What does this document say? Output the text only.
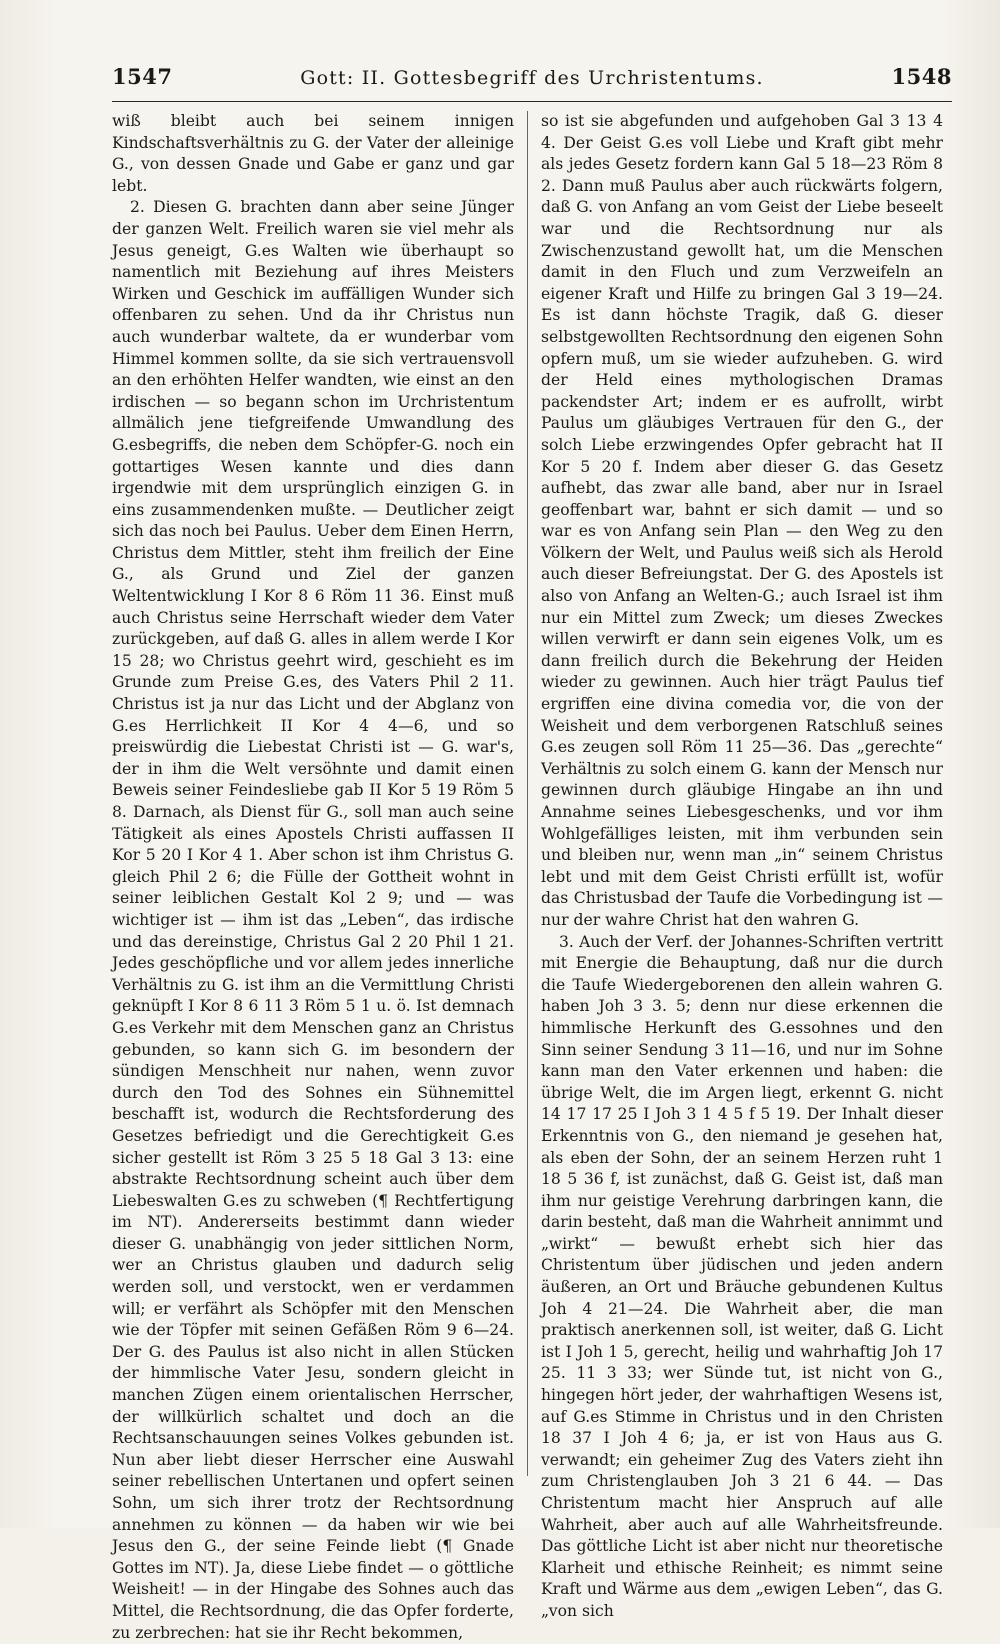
1547	Gott: II. Gottesbegriff des Urchristentums.	1548

wiß bleibt auch bei seinem innigen Kindschaftsverhältnis zu G. der Vater der alleinige G., von dessen Gnade und Gabe er ganz und gar lebt.

2. Diesen G. brachten dann aber seine Jünger der ganzen Welt. Freilich waren sie viel mehr als Jesus geneigt, G.es Walten wie überhaupt so namentlich mit Beziehung auf ihres Meisters Wirken und Geschick im auffälligen Wunder sich offenbaren zu sehen. Und da ihr Christus nun auch wunderbar waltete, da er wunderbar vom Himmel kommen sollte, da sie sich vertrauensvoll an den erhöhten Helfer wandten, wie einst an den irdischen — so begann schon im Urchristentum allmälich jene tiefgreifende Umwandlung des G.esbegriffs, die neben dem Schöpfer-G. noch ein gottartiges Wesen kannte und dies dann irgendwie mit dem ursprünglich einzigen G. in eins zusammendenken mußte. — Deutlicher zeigt sich das noch bei Paulus. Ueber dem Einen Herrn, Christus dem Mittler, steht ihm freilich der Eine G., als Grund und Ziel der ganzen Weltentwicklung I Kor 8 6 Röm 11 36. Einst muß auch Christus seine Herrschaft wieder dem Vater zurückgeben, auf daß G. alles in allem werde I Kor 15 28; wo Christus geehrt wird, geschieht es im Grunde zum Preise G.es, des Vaters Phil 2 11. Christus ist ja nur das Licht und der Abglanz von G.es Herrlichkeit II Kor 4 4—6, und so preiswürdig die Liebestat Christi ist — G. war's, der in ihm die Welt versöhnte und damit einen Beweis seiner Feindesliebe gab II Kor 5 19 Röm 5 8. Darnach, als Dienst für G., soll man auch seine Tätigkeit als eines Apostels Christi auffassen II Kor 5 20 I Kor 4 1. Aber schon ist ihm Christus G. gleich Phil 2 6; die Fülle der Gottheit wohnt in seiner leiblichen Gestalt Kol 2 9; und — was wichtiger ist — ihm ist das „Leben“, das irdische und das dereinstige, Christus Gal 2 20 Phil 1 21. Jedes geschöpfliche und vor allem jedes innerliche Verhältnis zu G. ist ihm an die Vermittlung Christi geknüpft I Kor 8 6 11 3 Röm 5 1 u. ö. Ist demnach G.es Verkehr mit dem Menschen ganz an Christus gebunden, so kann sich G. im besondern der sündigen Menschheit nur nahen, wenn zuvor durch den Tod des Sohnes ein Sühnemittel beschafft ist, wodurch die Rechtsforderung des Gesetzes befriedigt und die Gerechtigkeit G.es sicher gestellt ist Röm 3 25 5 18 Gal 3 13: eine abstrakte Rechtsordnung scheint auch über dem Liebeswalten G.es zu schweben (¶ Rechtfertigung im NT). Andererseits bestimmt dann wieder dieser G. unabhängig von jeder sittlichen Norm, wer an Christus glauben und dadurch selig werden soll, und verstockt, wen er verdammen will; er verfährt als Schöpfer mit den Menschen wie der Töpfer mit seinen Gefäßen Röm 9 6—24. Der G. des Paulus ist also nicht in allen Stücken der himmlische Vater Jesu, sondern gleicht in manchen Zügen einem orientalischen Herrscher, der willkürlich schaltet und doch an die Rechtsanschauungen seines Volkes gebunden ist. Nun aber liebt dieser Herrscher eine Auswahl seiner rebellischen Untertanen und opfert seinen Sohn, um sich ihrer trotz der Rechtsordnung annehmen zu können — da haben wir wie bei Jesus den G., der seine Feinde liebt (¶ Gnade Gottes im NT). Ja, diese Liebe findet — o göttliche Weisheit! — in der Hingabe des Sohnes auch das Mittel, die Rechtsordnung, die das Opfer forderte, zu zerbrechen: hat sie ihr Recht bekommen,

so ist sie abgefunden und aufgehoben Gal 3 13 4 4. Der Geist G.es voll Liebe und Kraft gibt mehr als jedes Gesetz fordern kann Gal 5 18—23 Röm 8 2. Dann muß Paulus aber auch rückwärts folgern, daß G. von Anfang an vom Geist der Liebe beseelt war und die Rechtsordnung nur als Zwischenzustand gewollt hat, um die Menschen damit in den Fluch und zum Verzweifeln an eigener Kraft und Hilfe zu bringen Gal 3 19—24. Es ist dann höchste Tragik, daß G. dieser selbstgewollten Rechtsordnung den eigenen Sohn opfern muß, um sie wieder aufzuheben. G. wird der Held eines mythologischen Dramas packendster Art; indem er es aufrollt, wirbt Paulus um gläubiges Vertrauen für den G., der solch Liebe erzwingendes Opfer gebracht hat II Kor 5 20 f. Indem aber dieser G. das Gesetz aufhebt, das zwar alle band, aber nur in Israel geoffenbart war, bahnt er sich damit — und so war es von Anfang sein Plan — den Weg zu den Völkern der Welt, und Paulus weiß sich als Herold auch dieser Befreiungstat. Der G. des Apostels ist also von Anfang an Welten-G.; auch Israel ist ihm nur ein Mittel zum Zweck; um dieses Zweckes willen verwirft er dann sein eigenes Volk, um es dann freilich durch die Bekehrung der Heiden wieder zu gewinnen. Auch hier trägt Paulus tief ergriffen eine divina comedia vor, die von der Weisheit und dem verborgenen Ratschluß seines G.es zeugen soll Röm 11 25—36. Das „gerechte“ Verhältnis zu solch einem G. kann der Mensch nur gewinnen durch gläubige Hingabe an ihn und Annahme seines Liebesgeschenks, und vor ihm Wohlgefälliges leisten, mit ihm verbunden sein und bleiben nur, wenn man „in“ seinem Christus lebt und mit dem Geist Christi erfüllt ist, wofür das Christusbad der Taufe die Vorbedingung ist — nur der wahre Christ hat den wahren G.

3. Auch der Verf. der Johannes-Schriften vertritt mit Energie die Behauptung, daß nur die durch die Taufe Wiedergeborenen den allein wahren G. haben Joh 3 3. 5; denn nur diese erkennen die himmlische Herkunft des G.essohnes und den Sinn seiner Sendung 3 11—16, und nur im Sohne kann man den Vater erkennen und haben: die übrige Welt, die im Argen liegt, erkennt G. nicht 14 17 17 25 I Joh 3 1 4 5 f 5 19. Der Inhalt dieser Erkenntnis von G., den niemand je gesehen hat, als eben der Sohn, der an seinem Herzen ruht 1 18 5 36 f, ist zunächst, daß G. Geist ist, daß man ihm nur geistige Verehrung darbringen kann, die darin besteht, daß man die Wahrheit annimmt und „wirkt“ — bewußt erhebt sich hier das Christentum über jüdischen und jeden andern äußeren, an Ort und Bräuche gebundenen Kultus Joh 4 21—24. Die Wahrheit aber, die man praktisch anerkennen soll, ist weiter, daß G. Licht ist I Joh 1 5, gerecht, heilig und wahrhaftig Joh 17 25. 11 3 33; wer Sünde tut, ist nicht von G., hingegen hört jeder, der wahrhaftigen Wesens ist, auf G.es Stimme in Christus und in den Christen 18 37 I Joh 4 6; ja, er ist von Haus aus G. verwandt; ein geheimer Zug des Vaters zieht ihn zum Christenglauben Joh 3 21 6 44. — Das Christentum macht hier Anspruch auf alle Wahrheit, aber auch auf alle Wahrheitsfreunde. Das göttliche Licht ist aber nicht nur theoretische Klarheit und ethische Reinheit; es nimmt seine Kraft und Wärme aus dem „ewigen Leben“, das G. „von sich
